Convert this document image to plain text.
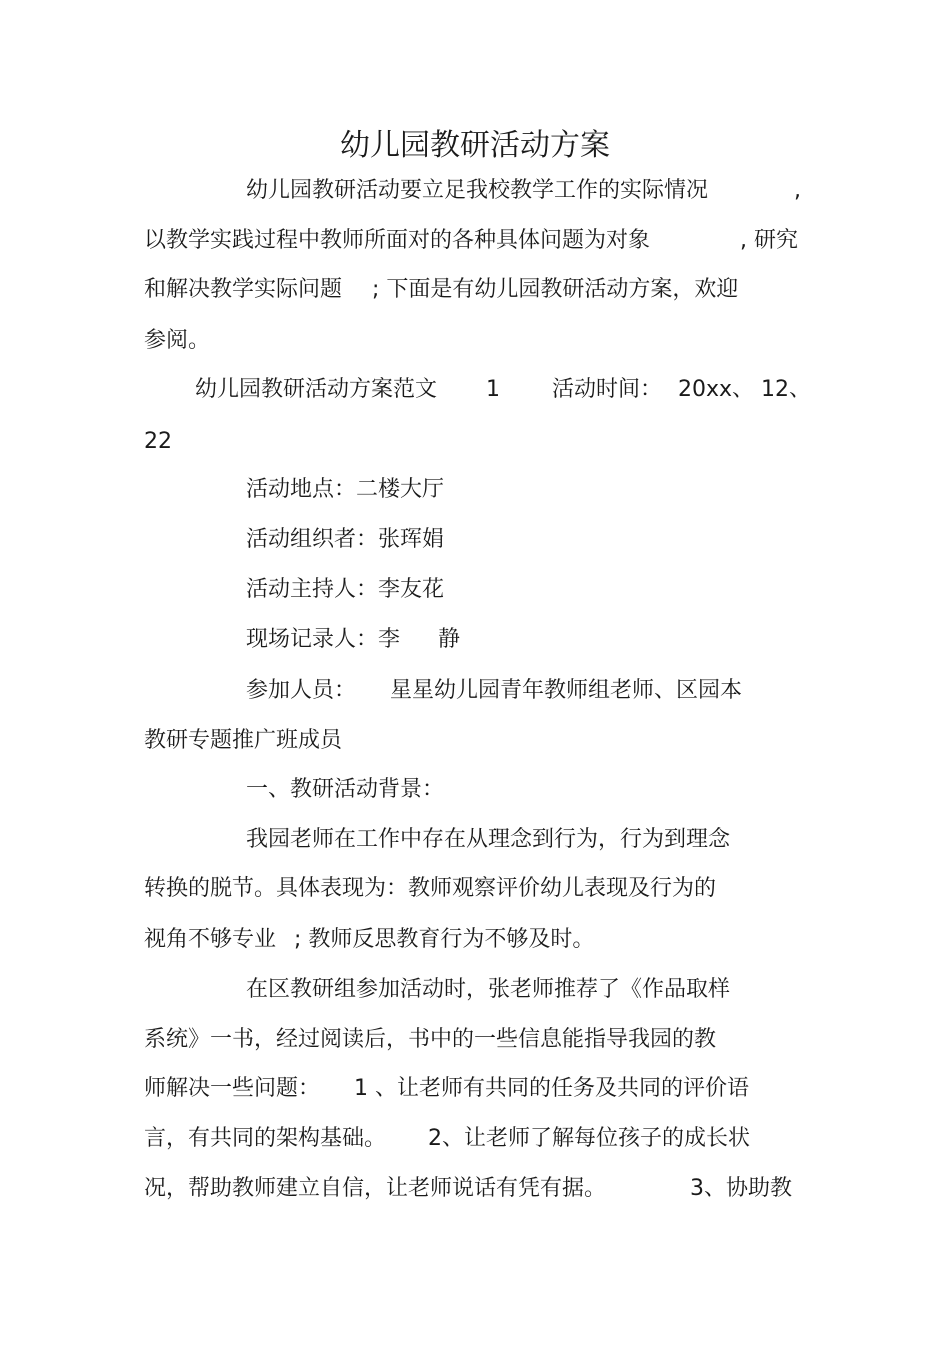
幼儿园教研活动方案
幼儿园教研活动要立足我校教学工作的实际情况	,
以教学实践过程中教师所面对的各种具体问题为对象	, 研究
和解决教学实际问题 ; 下面是有幼儿园教研活动方案，欢迎
参阅。
幼儿园教研活动方案范文 1 活动时间： 20xx、 12、
22
活动地点：二楼大厅
活动组织者：张珲娟
活动主持人：李友花
现场记录人：李 静
参加人员： 星星幼儿园青年教师组老师、区园本
教研专题推广班成员
一、教研活动背景：
我园老师在工作中存在从理念到行为，行为到理念
转换的脱节。具体表现为：教师观察评价幼儿表现及行为的
视角不够专业 ; 教师反思教育行为不够及时。
在区教研组参加活动时，张老师推荐了《作品取样
系统》一书，经过阅读后，书中的一些信息能指导我园的教
师解决一些问题： 1 、让老师有共同的任务及共同的评价语
言，有共同的架构基础。 2、让老师了解每位孩子的成长状
况，帮助教师建立自信，让老师说话有凭有据。	3、协助教
